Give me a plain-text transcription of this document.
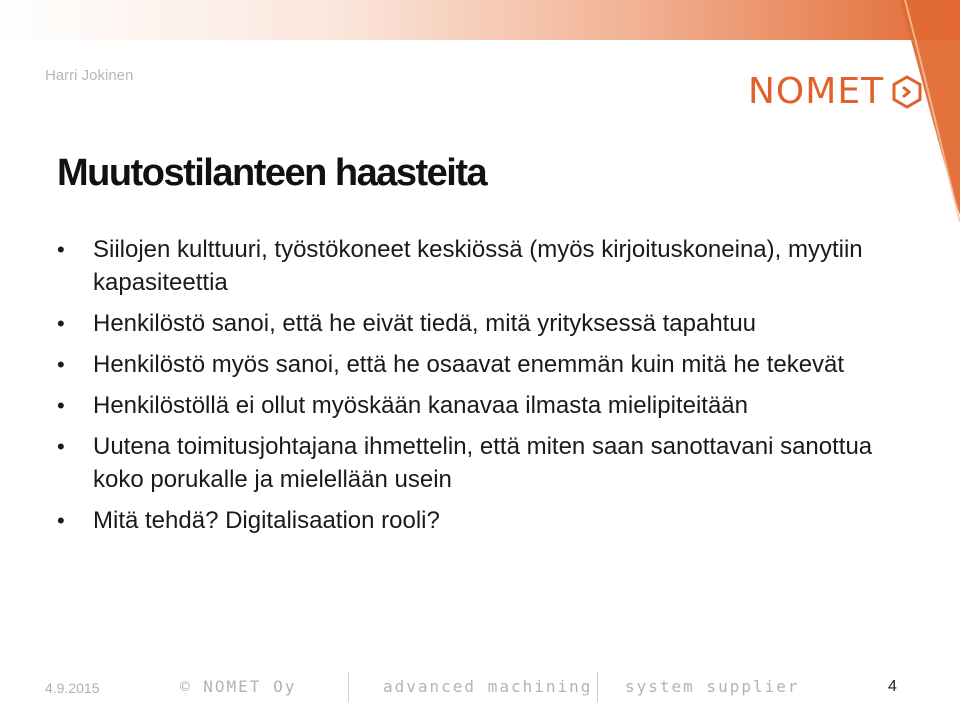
Harri Jokinen	NOMET
Muutostilanteen haasteita
• Siilojen kulttuuri, työstökoneet keskiössä (myös kirjoituskoneina), myytiin kapasiteettia
• Henkilöstö sanoi, että he eivät tiedä, mitä yrityksessä tapahtuu
• Henkilöstö myös sanoi, että he osaavat enemmän kuin mitä he tekevät
• Henkilöstöllä ei ollut myöskään kanavaa ilmasta mielipiteitään
• Uutena toimitusjohtajana ihmettelin, että miten saan sanottavani sanottua koko porukalle ja mielellään usein
• Mitä tehdä? Digitalisaation rooli?
4.9.2015	© NOMET Oy	advanced machining system supplier	4
